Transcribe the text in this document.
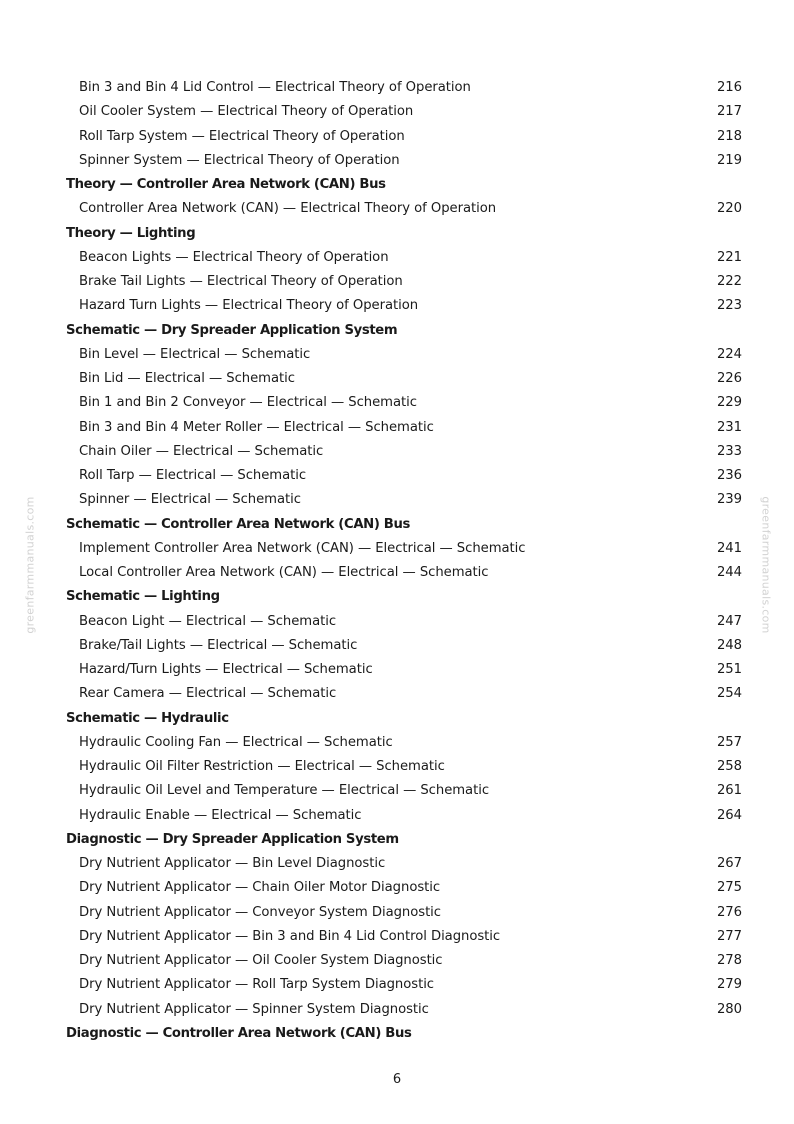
Bin 3 and Bin 4 Lid Control — Electrical Theory of Operation	216
Oil Cooler System — Electrical Theory of Operation	217
Roll Tarp System — Electrical Theory of Operation	218
Spinner System — Electrical Theory of Operation	219
Theory — Controller Area Network (CAN) Bus
Controller Area Network (CAN) — Electrical Theory of Operation	220
Theory — Lighting
Beacon Lights — Electrical Theory of Operation	221
Brake Tail Lights — Electrical Theory of Operation	222
Hazard Turn Lights — Electrical Theory of Operation	223
Schematic — Dry Spreader Application System
Bin Level — Electrical — Schematic	224
Bin Lid — Electrical — Schematic	226
Bin 1 and Bin 2 Conveyor — Electrical — Schematic	229
Bin 3 and Bin 4 Meter Roller — Electrical — Schematic	231
Chain Oiler — Electrical — Schematic	233
Roll Tarp — Electrical — Schematic	236
Spinner — Electrical — Schematic	239
Schematic — Controller Area Network (CAN) Bus
Implement Controller Area Network (CAN) — Electrical — Schematic	241
Local Controller Area Network (CAN) — Electrical — Schematic	244
Schematic — Lighting
Beacon Light — Electrical — Schematic	247
Brake/Tail Lights — Electrical — Schematic	248
Hazard/Turn Lights — Electrical — Schematic	251
Rear Camera — Electrical — Schematic	254
Schematic — Hydraulic
Hydraulic Cooling Fan — Electrical — Schematic	257
Hydraulic Oil Filter Restriction — Electrical — Schematic	258
Hydraulic Oil Level and Temperature — Electrical — Schematic	261
Hydraulic Enable — Electrical — Schematic	264
Diagnostic — Dry Spreader Application System
Dry Nutrient Applicator — Bin Level Diagnostic	267
Dry Nutrient Applicator — Chain Oiler Motor Diagnostic	275
Dry Nutrient Applicator — Conveyor System Diagnostic	276
Dry Nutrient Applicator — Bin 3 and Bin 4 Lid Control Diagnostic	277
Dry Nutrient Applicator — Oil Cooler System Diagnostic	278
Dry Nutrient Applicator — Roll Tarp System Diagnostic	279
Dry Nutrient Applicator — Spinner System Diagnostic	280
Diagnostic — Controller Area Network (CAN) Bus
6
greenfarmmanuals.com	greenfarmmanuals.com
